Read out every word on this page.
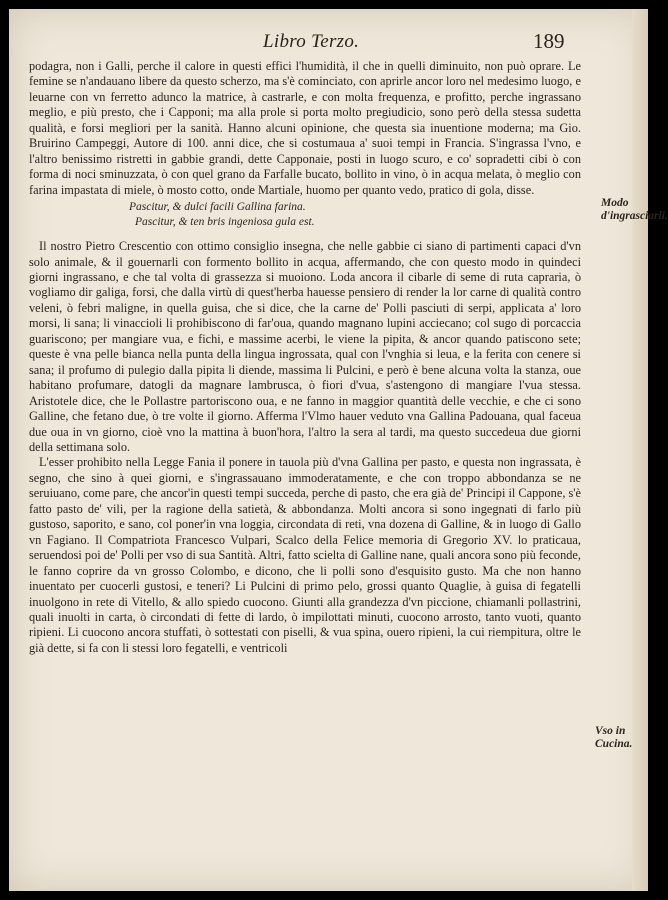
Libro Terzo.	189

podagra, non i Galli, perche il calore in questi effici l'humidità, il che in quelli diminuito, non può oprare. Le femine se n'andauano libere da questo scherzo, ma s'è cominciato, con aprirle ancor loro nel medesimo luogo, e leuarne con vn ferretto adunco la matrice, à castrarle, e con molta frequenza, e profitto, perche ingrassano meglio, e più presto, che i Capponi; ma alla prole si porta molto pregiudicio, sono però della stessa sudetta qualità, e forsi megliori per la sanità. Hanno alcuni opinione, che questa sia inuentione moderna; ma Gio. Bruirino Campeggi, Autore di 100. anni dice, che si costumaua a' suoi tempi in Francia. S'ingrassa l'vno, e l'altro benissimo ristretti in gabbie grandi, dette Capponaie, posti in luogo scuro, e co' sopradetti cibi ò con forma di noci sminuzzata, ò con quel grano da Farfalle bucato, bollito in vino, ò in acqua melata, ò meglio con farina impastata di miele, ò mosto cotto, onde Martiale, huomo per quanto vedo, pratico di gola, disse.

Pascitur, & dulci facili Gallina farina.
Pascitur, & ten bris ingeniosa gula est.

Il nostro Pietro Crescentio con ottimo consiglio insegna, che nelle gabbie ci siano di partimenti capaci d'vn solo animale, & il gouernarli con formento bollito in acqua, affermando, che con questo modo in quindeci giorni ingrassano, e che tal volta di grassezza si muoiono. Loda ancora il cibarle di seme di ruta capraria, ò vogliamo dir galiga, forsi, che dalla virtù di quest'herba hauesse pensiero di render la lor carne di qualità contro veleni, ò febri maligne, in quella guisa, che si dice, che la carne de' Polli pasciuti di serpi, applicata a' loro morsi, li sana; li vinaccioli li prohibiscono di far'oua, quando magnano lupini acciecano; col sugo di porcaccia guariscono; per mangiare vua, e fichi, e massime acerbi, le viene la pipita, & ancor quando patiscono sete; queste è vna pelle bianca nella punta della lingua ingrossata, qual con l'vnghia si leua, e la ferita con cenere si sana; il profumo di pulegio dalla pipita li diende, massima li Pulcini, e però è bene alcuna volta la stanza, oue habitano profumare, datogli da magnare lambrusca, ò fiori d'vua, s'astengono di mangiare l'vua stessa. Aristotele dice, che le Pollastre partoriscono oua, e ne fanno in maggior quantità delle vecchie, e che ci sono Galline, che fetano due, ò tre volte il giorno. Afferma l'Vlmo hauer veduto vna Gallina Padouana, qual faceua due oua in vn giorno, cioè vno la mattina à buon'hora, l'altro la sera al tardi, ma questo succedeua due giorni della settimana solo.

L'esser prohibito nella Legge Fania il ponere in tauola più d'vna Gallina per pasto, e questa non ingrassata, è segno, che sino à quei giorni, e s'ingrassauano immoderatamente, e che con troppo abbondanza se ne seruiuano, come pare, che ancor'in questi tempi succeda, perche di pasto, che era già de' Principi il Cappone, s'è fatto pasto de' vili, per la ragione della satietà, & abbondanza. Molti ancora si sono ingegnati di farlo più gustoso, saporito, e sano, col poner'in vna loggia, circondata di reti, vna dozena di Galline, & in luogo di Gallo vn Fagiano. Il Compatriota Francesco Vulpari, Scalco della Felice memoria di Gregorio XV. lo praticaua, seruendosi poi de' Polli per vso di sua Santità. Altri, fatto scielta di Galline nane, quali ancora sono più feconde, le fanno coprire da vn grosso Colombo, e dicono, che li polli sono d'esquisito gusto. Ma che non hanno inuentato per cuocerli gustosi, e teneri? Li Pulcini di primo pelo, grossi quanto Quaglie, à guisa di fegatelli inuolgono in rete di Vitello, & allo spiedo cuocono. Giunti alla grandezza d'vn piccione, chiamanli pollastrini, quali inuolti in carta, ò circondati di fette di lardo, ò impilottati minuti, cuocono arrosto, tanto vuoti, quanto ripieni. Li cuocono ancora stuffati, ò sottestati con piselli, & vua spina, ouero ripieni, la cui riempitura, oltre le già dette, si fa con li stessi loro fegatelli, e ventricoli

Modo d'ingrasciarli.
Vso in Cucina.
